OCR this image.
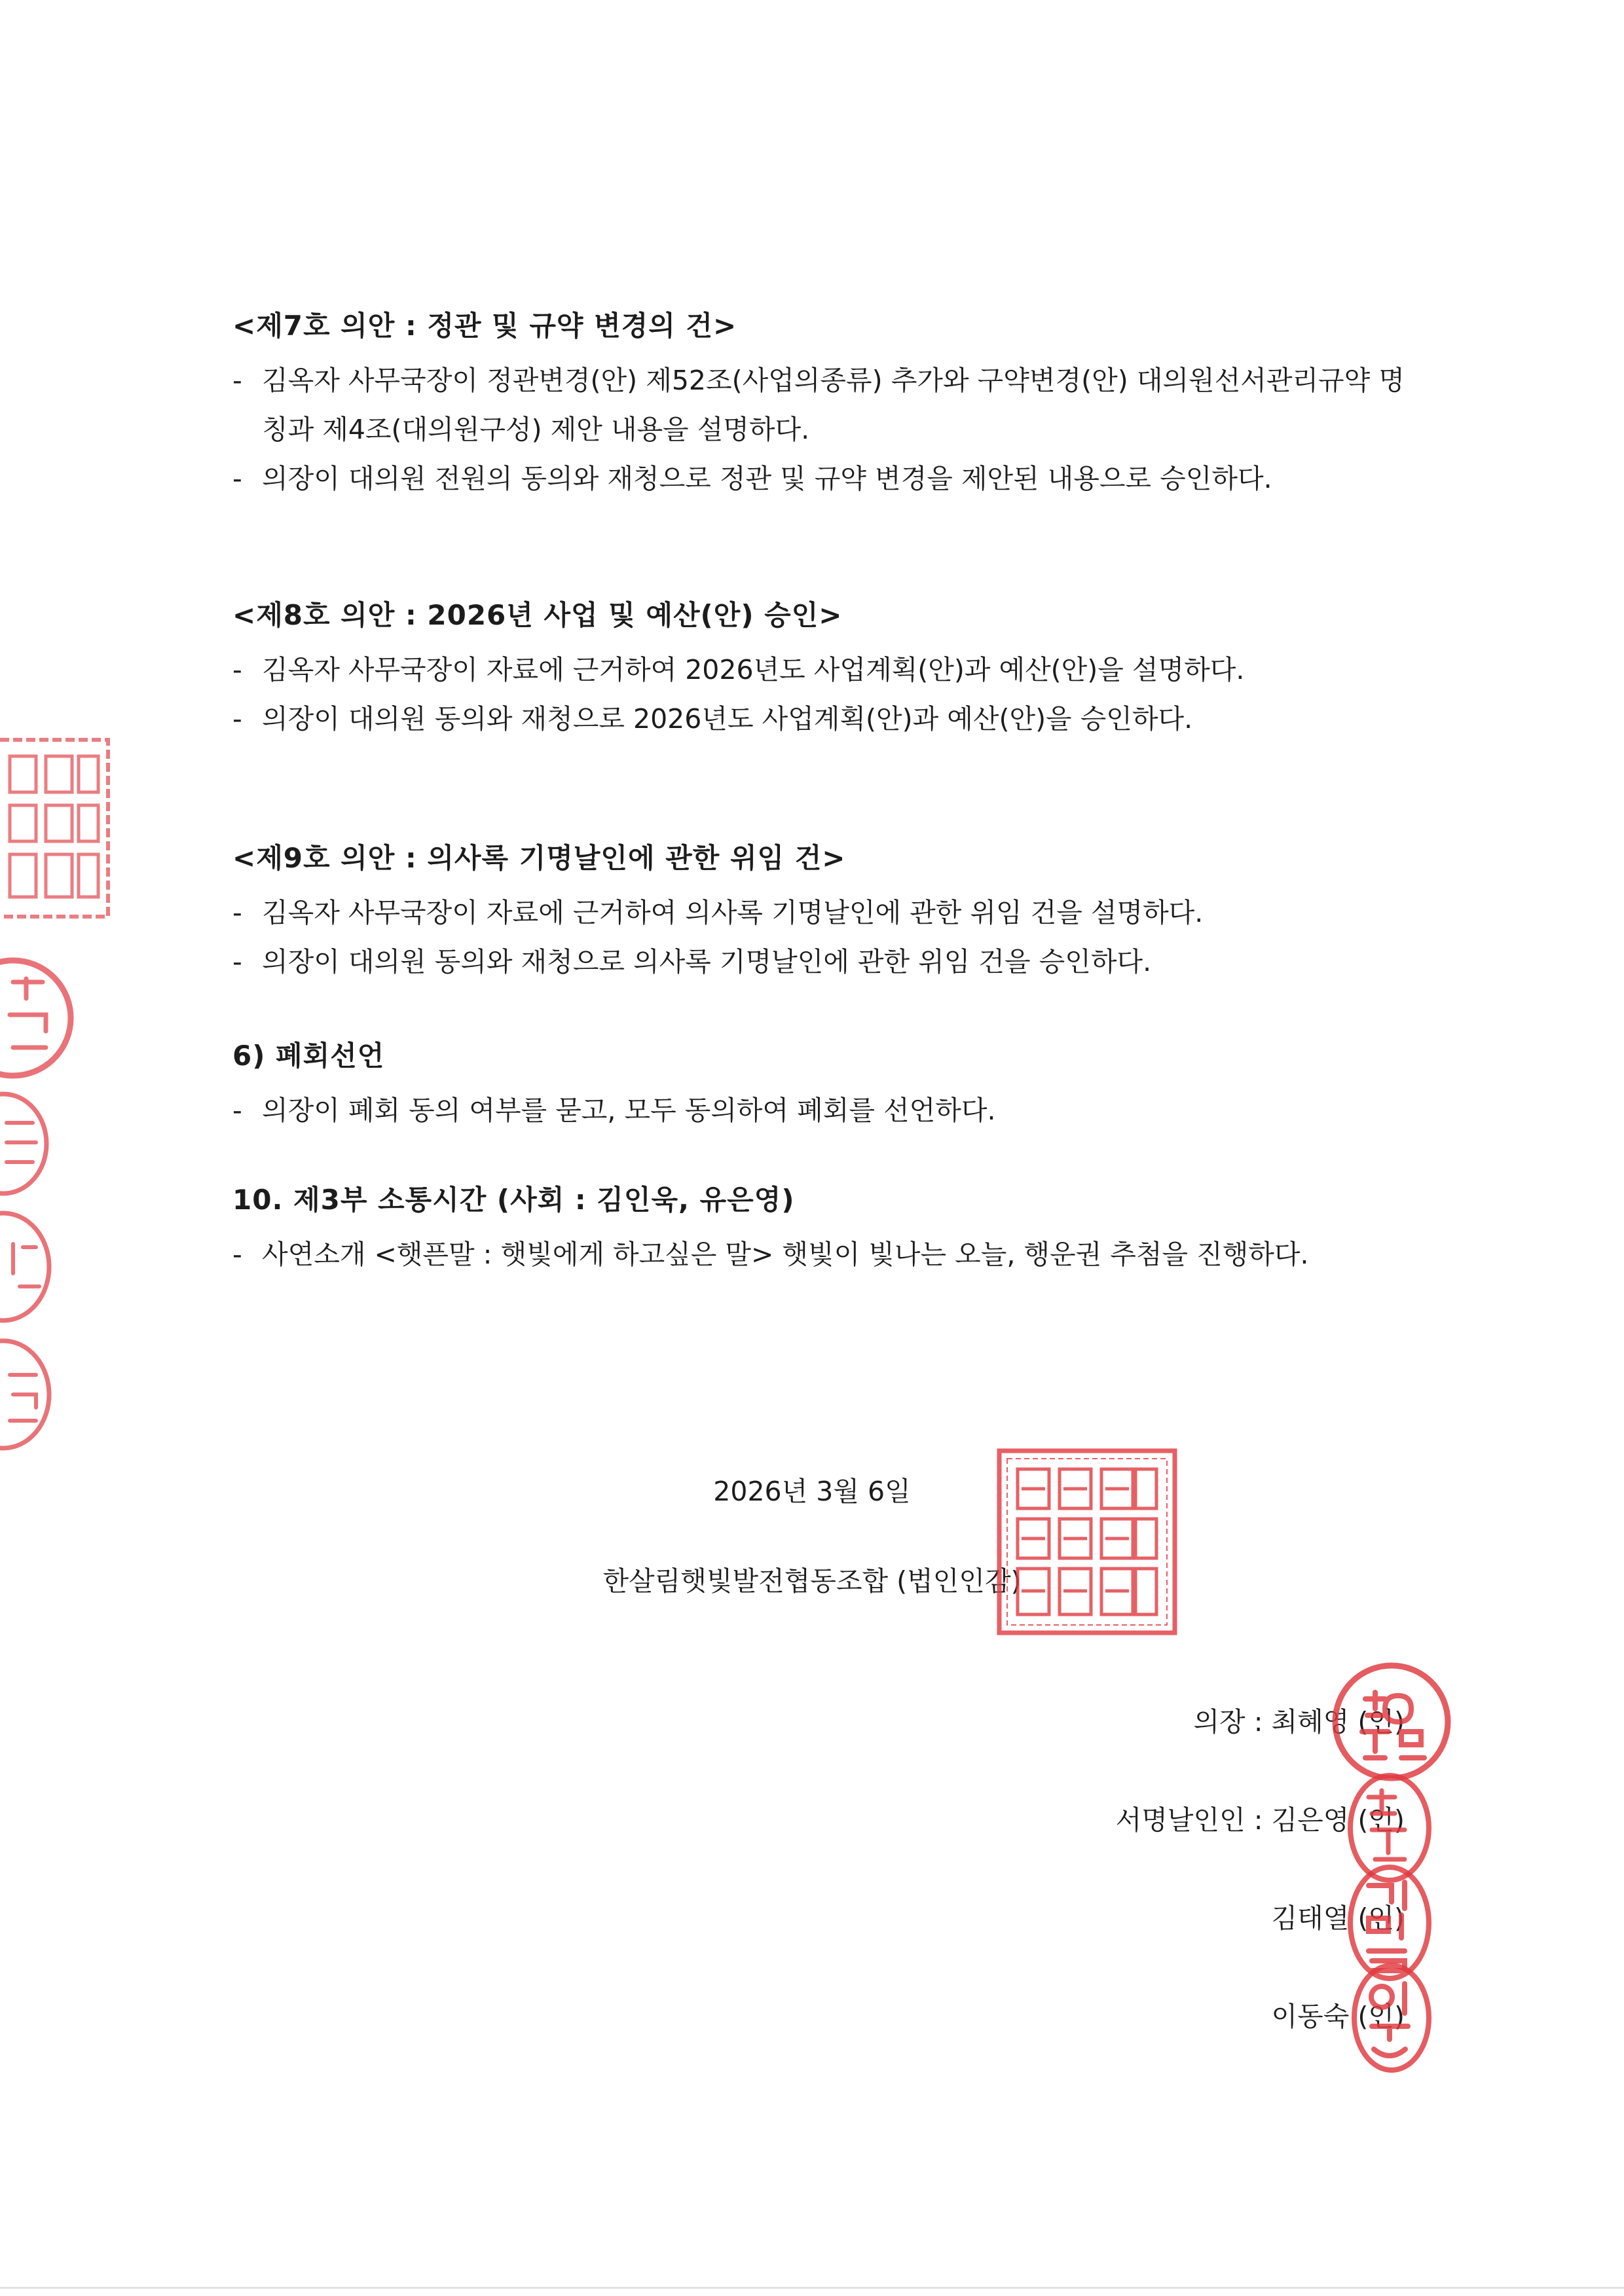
<제7호 의안 : 정관 및 규약 변경의 건>

- 김옥자 사무국장이 정관변경(안) 제52조(사업의종류) 추가와 구약변경(안) 대의원선서관리규약 명칭과 제4조(대의원구성) 제안 내용을 설명하다.

- 의장이 대의원 전원의 동의와 재청으로 정관 및 규약 변경을 제안된 내용으로 승인하다.

<제8호 의안 : 2026년 사업 및 예산(안) 승인>

- 김옥자 사무국장이 자료에 근거하여 2026년도 사업계획(안)과 예산(안)을 설명하다.

- 의장이 대의원 동의와 재청으로 2026년도 사업계획(안)과 예산(안)을 승인하다.

<제9호 의안 : 의사록 기명날인에 관한 위임 건>

- 김옥자 사무국장이 자료에 근거하여 의사록 기명날인에 관한 위임 건을 설명하다.

- 의장이 대의원 동의와 재청으로 의사록 기명날인에 관한 위임 건을 승인하다.

6) 폐회선언

- 의장이 폐회 동의 여부를 묻고, 모두 동의하여 폐회를 선언하다.

10. 제3부 소통시간 (사회 : 김인욱, 유은영)

- 사연소개 <햇픈말 : 햇빛에게 하고싶은 말> 햇빛이 빛나는 오늘, 행운권 추첨을 진행하다.

2026년 3월 6일
한살림햇빛발전협동조합 (법인인감)
의장 : 최혜영 (인)
서명날인인 : 김은영 (인)
김태열 (인)
이동숙 (인)
